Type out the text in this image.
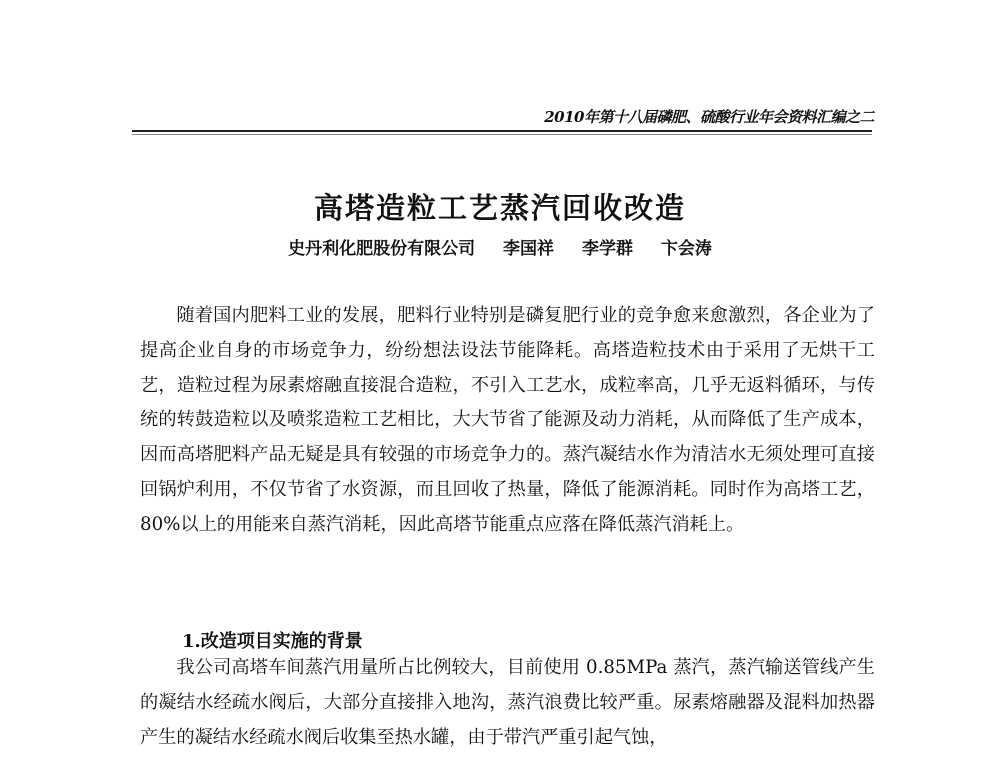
2010年第十八届磷肥、硫酸行业年会资料汇编之二
高塔造粒工艺蒸汽回收改造
史丹利化肥股份有限公司 李国祥 李学群 卞会涛

随着国内肥料工业的发展，肥料行业特别是磷复肥行业的竞争愈来愈激烈，各企业为了提高企业自身的市场竞争力，纷纷想法设法节能降耗。高塔造粒技术由于采用了无烘干工艺，造粒过程为尿素熔融直接混合造粒，不引入工艺水，成粒率高，几乎无返料循环，与传统的转鼓造粒以及喷浆造粒工艺相比，大大节省了能源及动力消耗，从而降低了生产成本，因而高塔肥料产品无疑是具有较强的市场竞争力的。蒸汽凝结水作为清洁水无须处理可直接回锅炉利用，不仅节省了水资源，而且回收了热量，降低了能源消耗。同时作为高塔工艺，80%以上的用能来自蒸汽消耗，因此高塔节能重点应落在降低蒸汽消耗上。

1.改造项目实施的背景

我公司高塔车间蒸汽用量所占比例较大，目前使用 0.85MPa 蒸汽，蒸汽输送管线产生的凝结水经疏水阀后，大部分直接排入地沟，蒸汽浪费比较严重。尿素熔融器及混料加热器产生的凝结水经疏水阀后收集至热水罐，由于带汽严重引起气蚀，
